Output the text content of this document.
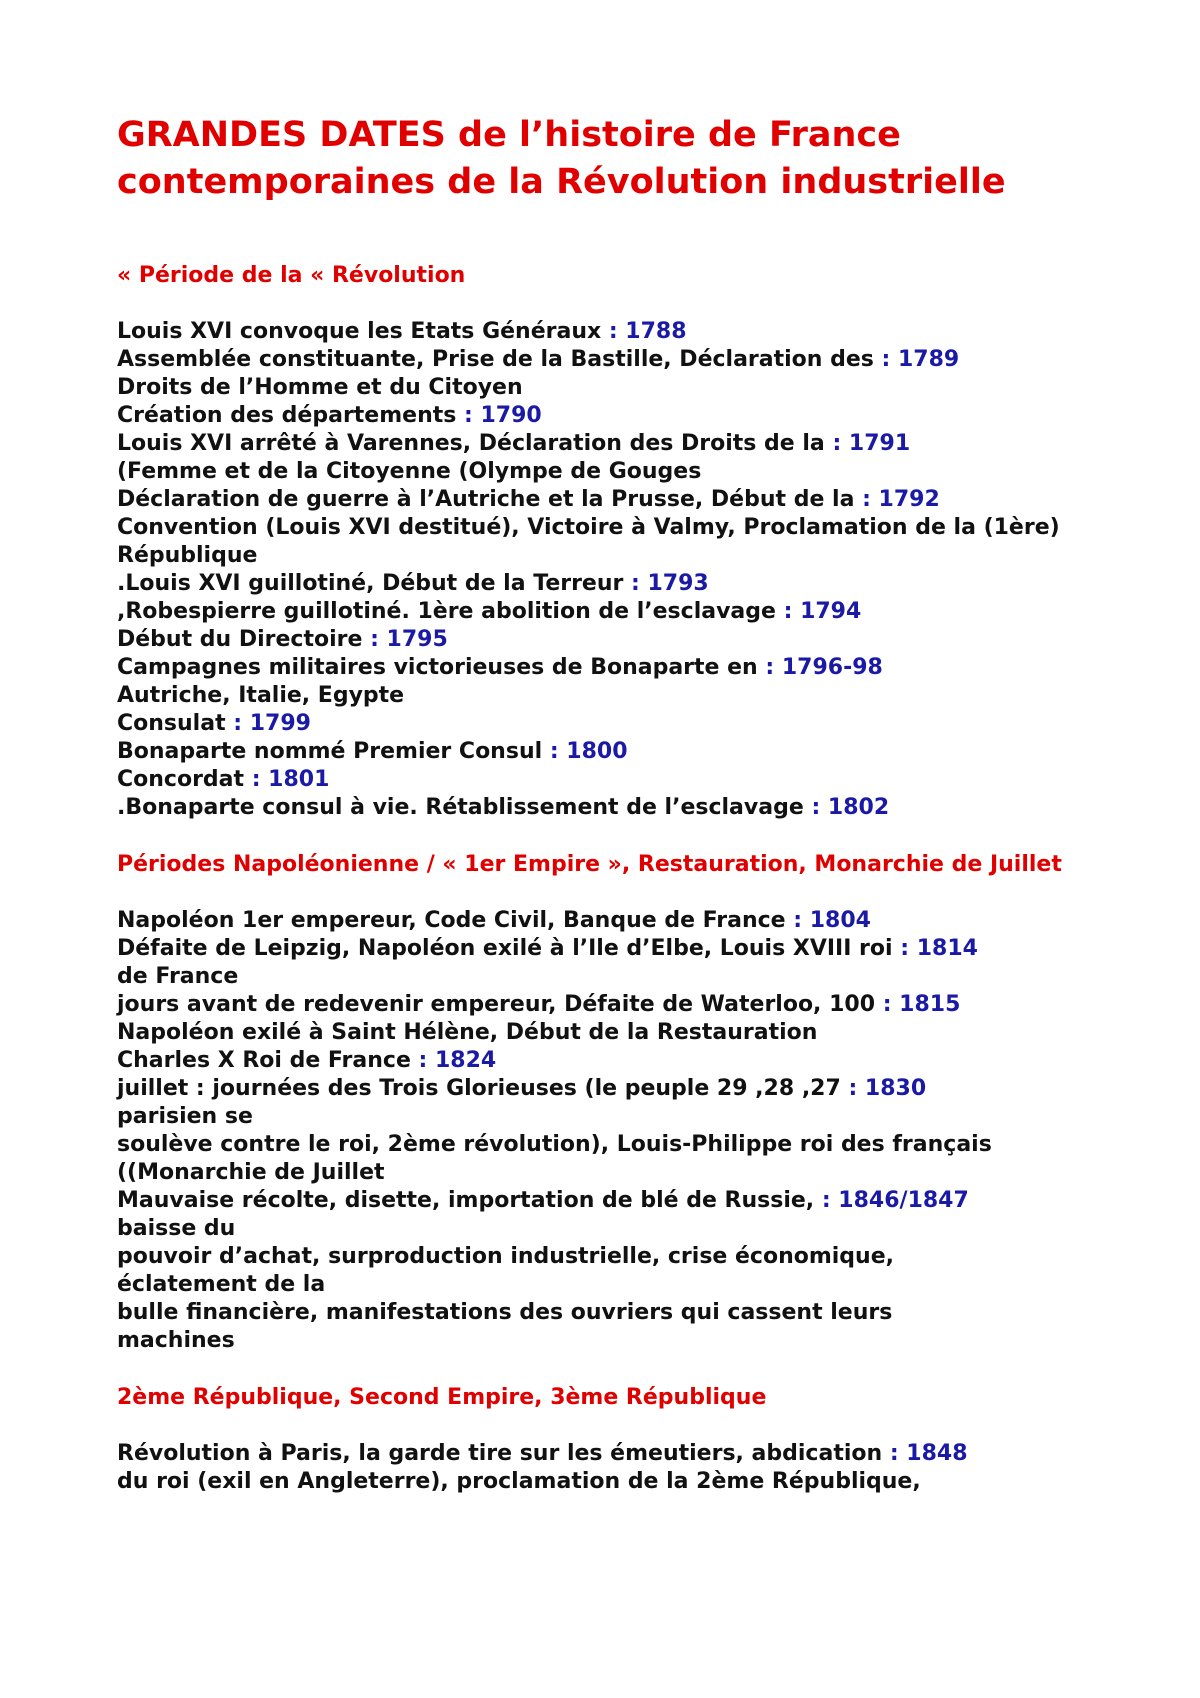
GRANDES DATES de l’histoire de France contemporaines de la Révolution industrielle
« Période de la « Révolution
Louis XVI convoque les Etats Généraux : 1788
Assemblée constituante, Prise de la Bastille, Déclaration des : 1789
Droits de l’Homme et du Citoyen
Création des départements : 1790
Louis XVI arrêté à Varennes, Déclaration des Droits de la : 1791
(Femme et de la Citoyenne (Olympe de Gouges
Déclaration de guerre à l’Autriche et la Prusse, Début de la : 1792
Convention (Louis XVI destitué), Victoire à Valmy, Proclamation de la (1ère) République
.Louis XVI guillotiné, Début de la Terreur : 1793
,Robespierre guillotiné. 1ère abolition de l’esclavage : 1794
Début du Directoire : 1795
Campagnes militaires victorieuses de Bonaparte en : 1796-98
Autriche, Italie, Egypte
Consulat : 1799
Bonaparte nommé Premier Consul : 1800
Concordat : 1801
.Bonaparte consul à vie. Rétablissement de l’esclavage : 1802
Périodes Napoléonienne / « 1er Empire », Restauration, Monarchie de Juillet
Napoléon 1er empereur, Code Civil, Banque de France : 1804
Défaite de Leipzig, Napoléon exilé à l’Ile d’Elbe, Louis XVIII roi : 1814
de France
jours avant de redevenir empereur, Défaite de Waterloo, 100 : 1815
Napoléon exilé à Saint Hélène, Début de la Restauration
Charles X Roi de France : 1824
juillet : journées des Trois Glorieuses (le peuple 29 ,28 ,27 : 1830
parisien se
soulève contre le roi, 2ème révolution), Louis-Philippe roi des français
((Monarchie de Juillet
Mauvaise récolte, disette, importation de blé de Russie, : 1846/1847
baisse du
pouvoir d’achat, surproduction industrielle, crise économique,
éclatement de la
bulle financière, manifestations des ouvriers qui cassent leurs
machines
2ème République, Second Empire, 3ème République
Révolution à Paris, la garde tire sur les émeutiers, abdication : 1848
du roi (exil en Angleterre), proclamation de la 2ème République,
